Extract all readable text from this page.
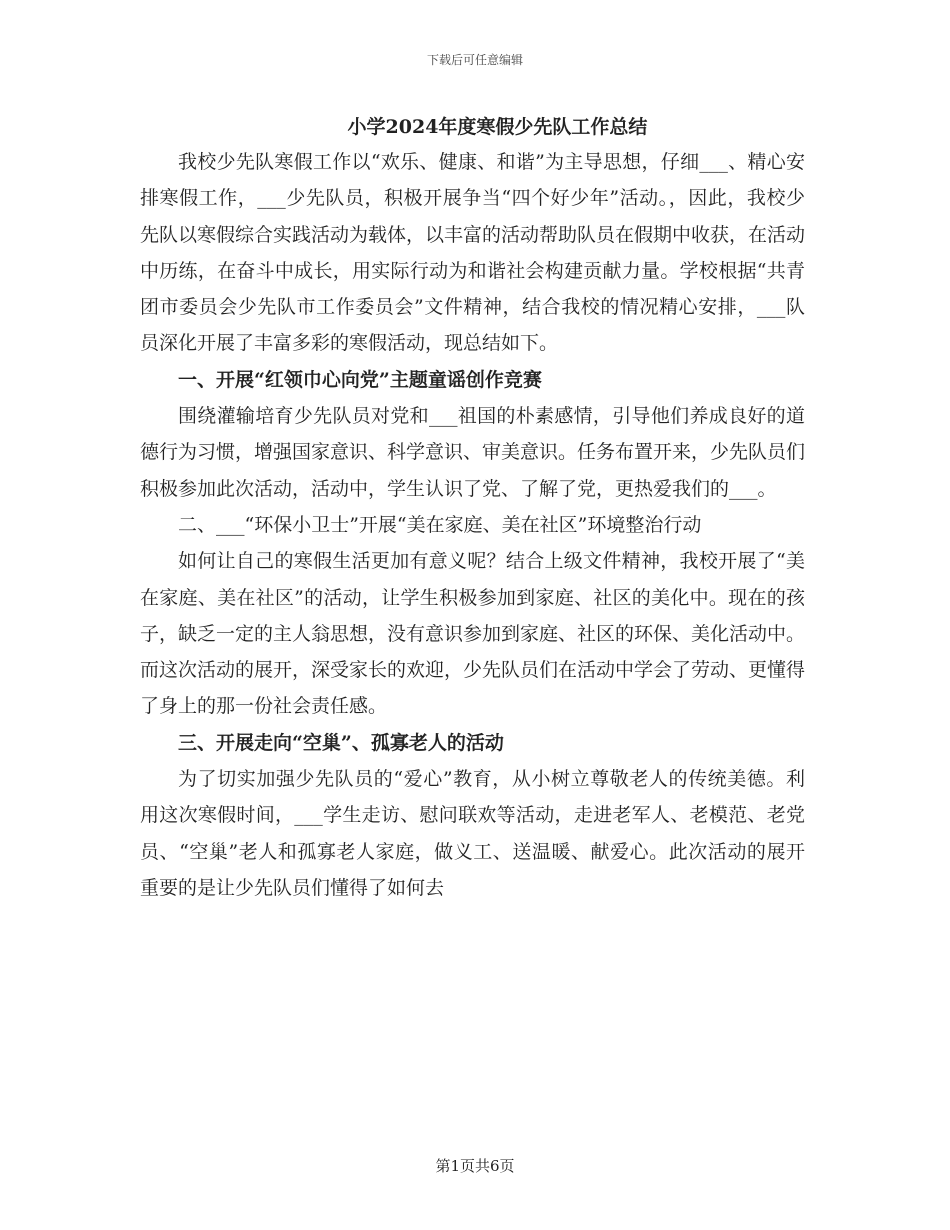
下载后可任意编辑
小学2024年度寒假少先队工作总结

我校少先队寒假工作以“欢乐、健康、和谐”为主导思想，仔细___、精心安排寒假工作，___少先队员，积极开展争当“四个好少年”活动。，因此，我校少先队以寒假综合实践活动为载体，以丰富的活动帮助队员在假期中收获，在活动中历练，在奋斗中成长，用实际行动为和谐社会构建贡献力量。学校根据“共青团市委员会少先队市工作委员会”文件精神，结合我校的情况精心安排，___队员深化开展了丰富多彩的寒假活动，现总结如下。

一、开展“红领巾心向党”主题童谣创作竞赛

围绕灌输培育少先队员对党和___祖国的朴素感情，引导他们养成良好的道德行为习惯，增强国家意识、科学意识、审美意识。任务布置开来，少先队员们积极参加此次活动，活动中，学生认识了党、了解了党，更热爱我们的___。

二、___“环保小卫士”开展“美在家庭、美在社区”环境整治行动

如何让自己的寒假生活更加有意义呢？结合上级文件精神，我校开展了“美在家庭、美在社区”的活动，让学生积极参加到家庭、社区的美化中。现在的孩子，缺乏一定的主人翁思想，没有意识参加到家庭、社区的环保、美化活动中。而这次活动的展开，深受家长的欢迎，少先队员们在活动中学会了劳动、更懂得了身上的那一份社会责任感。

三、开展走向“空巢”、孤寡老人的活动

为了切实加强少先队员的“爱心”教育，从小树立尊敬老人的传统美德。利用这次寒假时间，___学生走访、慰问联欢等活动，走进老军人、老模范、老党员、“空巢”老人和孤寡老人家庭，做义工、送温暖、献爱心。此次活动的展开重要的是让少先队员们懂得了如何去

第1页共6页
